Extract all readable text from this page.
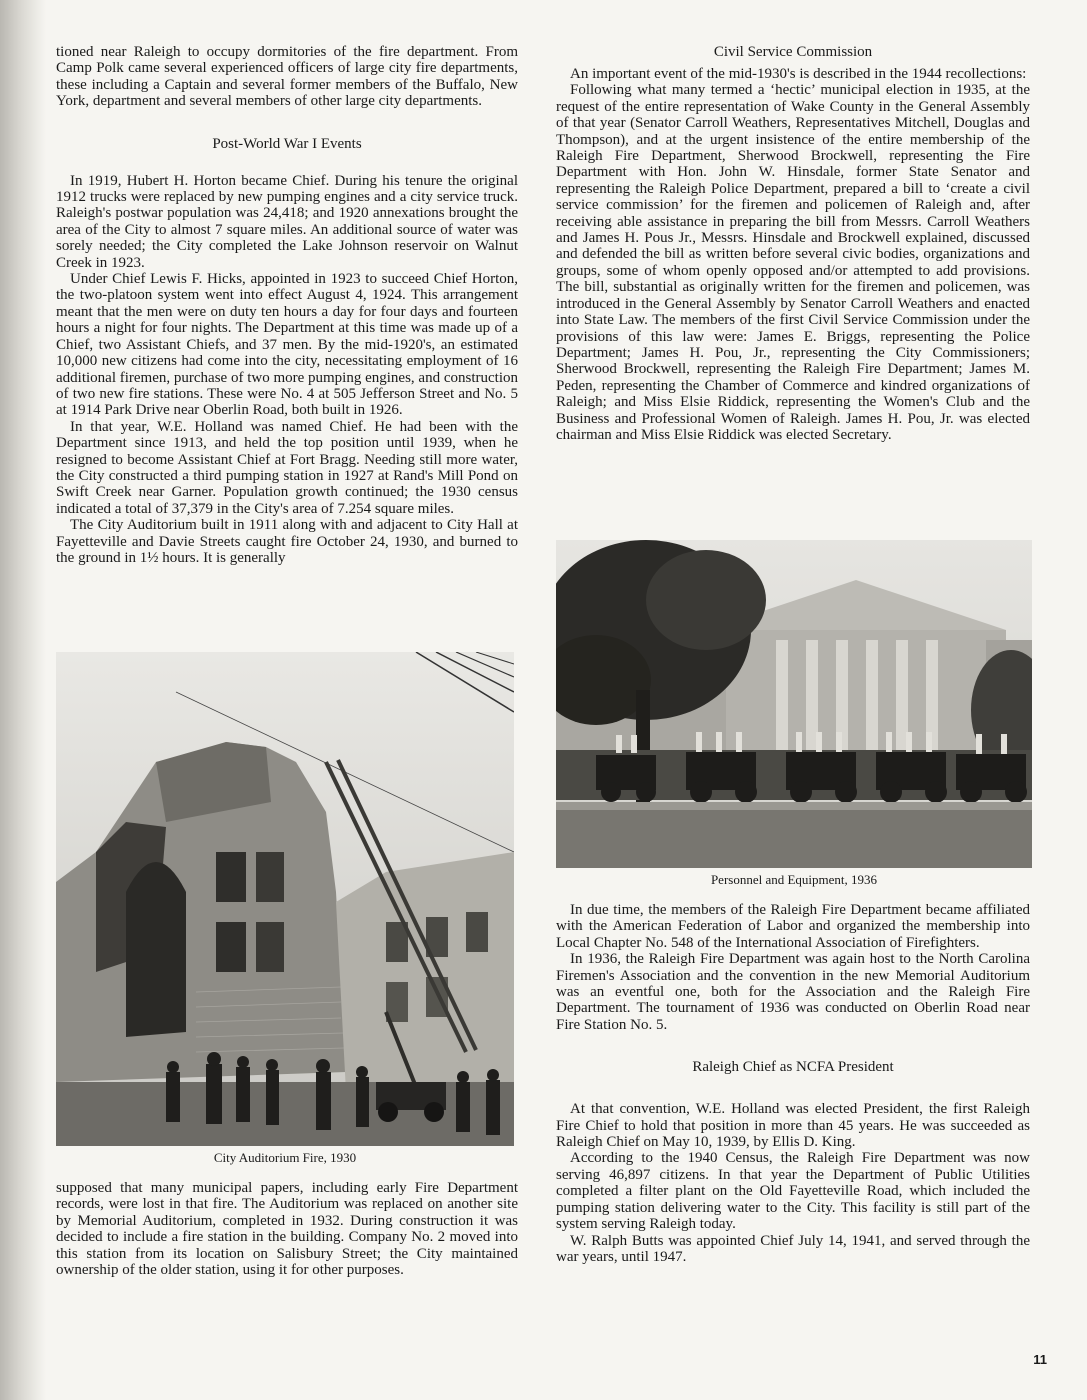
tioned near Raleigh to occupy dormitories of the fire department. From Camp Polk came several experienced officers of large city fire departments, these including a Captain and several former members of the Buffalo, New York, department and several members of other large city departments.

Post-World War I Events

In 1919, Hubert H. Horton became Chief. During his tenure the original 1912 trucks were replaced by new pumping engines and a city service truck. Raleigh's postwar population was 24,418; and 1920 annexations brought the area of the City to almost 7 square miles. An additional source of water was sorely needed; the City completed the Lake Johnson reservoir on Walnut Creek in 1923.

Under Chief Lewis F. Hicks, appointed in 1923 to succeed Chief Horton, the two-platoon system went into effect August 4, 1924. This arrangement meant that the men were on duty ten hours a day for four days and fourteen hours a night for four nights. The Department at this time was made up of a Chief, two Assistant Chiefs, and 37 men. By the mid-1920's, an estimated 10,000 new citizens had come into the city, necessitating employment of 16 additional firemen, purchase of two more pumping engines, and construction of two new fire stations. These were No. 4 at 505 Jefferson Street and No. 5 at 1914 Park Drive near Oberlin Road, both built in 1926.

In that year, W.E. Holland was named Chief. He had been with the Department since 1913, and held the top position until 1939, when he resigned to become Assistant Chief at Fort Bragg. Needing still more water, the City constructed a third pumping station in 1927 at Rand's Mill Pond on Swift Creek near Garner. Population growth continued; the 1930 census indicated a total of 37,379 in the City's area of 7.254 square miles.

The City Auditorium built in 1911 along with and adjacent to City Hall at Fayetteville and Davie Streets caught fire October 24, 1930, and burned to the ground in 1½ hours. It is generally

City Auditorium Fire, 1930

supposed that many municipal papers, including early Fire Department records, were lost in that fire. The Auditorium was replaced on another site by Memorial Auditorium, completed in 1932. During construction it was decided to include a fire station in the building. Company No. 2 moved into this station from its location on Salisbury Street; the City maintained ownership of the older station, using it for other purposes.

Civil Service Commission

An important event of the mid-1930's is described in the 1944 recollections:

Following what many termed a ‘hectic’ municipal election in 1935, at the request of the entire representation of Wake County in the General Assembly of that year (Senator Carroll Weathers, Representatives Mitchell, Douglas and Thompson), and at the urgent insistence of the entire membership of the Raleigh Fire Department, Sherwood Brockwell, representing the Fire Department with Hon. John W. Hinsdale, former State Senator and representing the Raleigh Police Department, prepared a bill to ‘create a civil service commission’ for the firemen and policemen of Raleigh and, after receiving able assistance in preparing the bill from Messrs. Carroll Weathers and James H. Pous Jr., Messrs. Hinsdale and Brockwell explained, discussed and defended the bill as written before several civic bodies, organizations and groups, some of whom openly opposed and/or attempted to add provisions. The bill, substantial as originally written for the firemen and policemen, was introduced in the General Assembly by Senator Carroll Weathers and enacted into State Law. The members of the first Civil Service Commission under the provisions of this law were: James E. Briggs, representing the Police Department; James H. Pou, Jr., representing the City Commissioners; Sherwood Brockwell, representing the Raleigh Fire Department; James M. Peden, representing the Chamber of Commerce and kindred organizations of Raleigh; and Miss Elsie Riddick, representing the Women's Club and the Business and Professional Women of Raleigh. James H. Pou, Jr. was elected chairman and Miss Elsie Riddick was elected Secretary.

Personnel and Equipment, 1936

In due time, the members of the Raleigh Fire Department became affiliated with the American Federation of Labor and organized the membership into Local Chapter No. 548 of the International Association of Firefighters.

In 1936, the Raleigh Fire Department was again host to the North Carolina Firemen's Association and the convention in the new Memorial Auditorium was an eventful one, both for the Association and the Raleigh Fire Department. The tournament of 1936 was conducted on Oberlin Road near Fire Station No. 5.

Raleigh Chief as NCFA President

At that convention, W.E. Holland was elected President, the first Raleigh Fire Chief to hold that position in more than 45 years. He was succeeded as Raleigh Chief on May 10, 1939, by Ellis D. King.

According to the 1940 Census, the Raleigh Fire Department was now serving 46,897 citizens. In that year the Department of Public Utilities completed a filter plant on the Old Fayetteville Road, which included the pumping station delivering water to the City. This facility is still part of the system serving Raleigh today.

W. Ralph Butts was appointed Chief July 14, 1941, and served through the war years, until 1947.

11
